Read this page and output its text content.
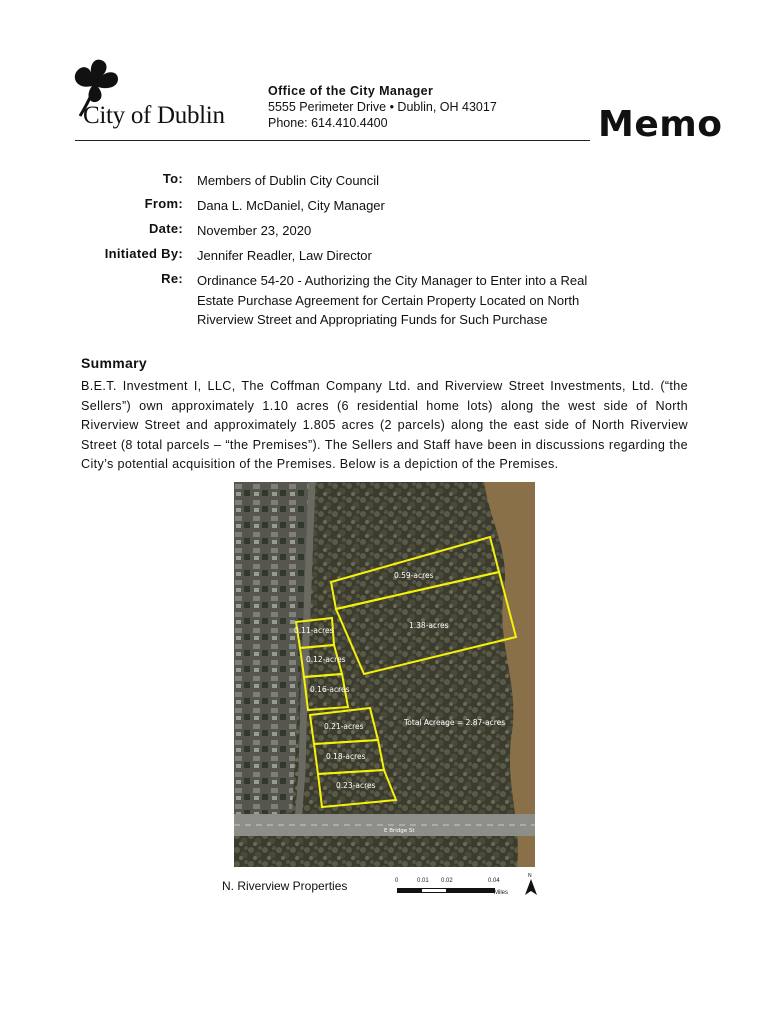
City of Dublin
Office of the City Manager
5555 Perimeter Drive • Dublin, OH 43017
Phone: 614.410.4400	Memo
To: Members of Dublin City Council
From: Dana L. McDaniel, City Manager
Date: November 23, 2020
Initiated By: Jennifer Readler, Law Director
Re: Ordinance 54-20 - Authorizing the City Manager to Enter into a Real Estate Purchase Agreement for Certain Property Located on North Riverview Street and Appropriating Funds for Such Purchase
Summary
B.E.T. Investment I, LLC, The Coffman Company Ltd. and Riverview Street Investments, Ltd. (“the Sellers”) own approximately 1.10 acres (6 residential home lots) along the west side of North Riverview Street and approximately 1.805 acres (2 parcels) along the east side of North Riverview Street (8 total parcels – “the Premises”). The Sellers and Staff have been in discussions regarding the City’s potential acquisition of the Premises. Below is a depiction of the Premises.
0.59-acres
1.38-acres
0.11-acres
0.12-acres
0.16-acres
0.21-acres
0.18-acres
0.23-acres
Total Acreage = 2.87-acres
E Bridge St
N. Riverview Properties	0	0.01 0.02	0.04
Miles
N
